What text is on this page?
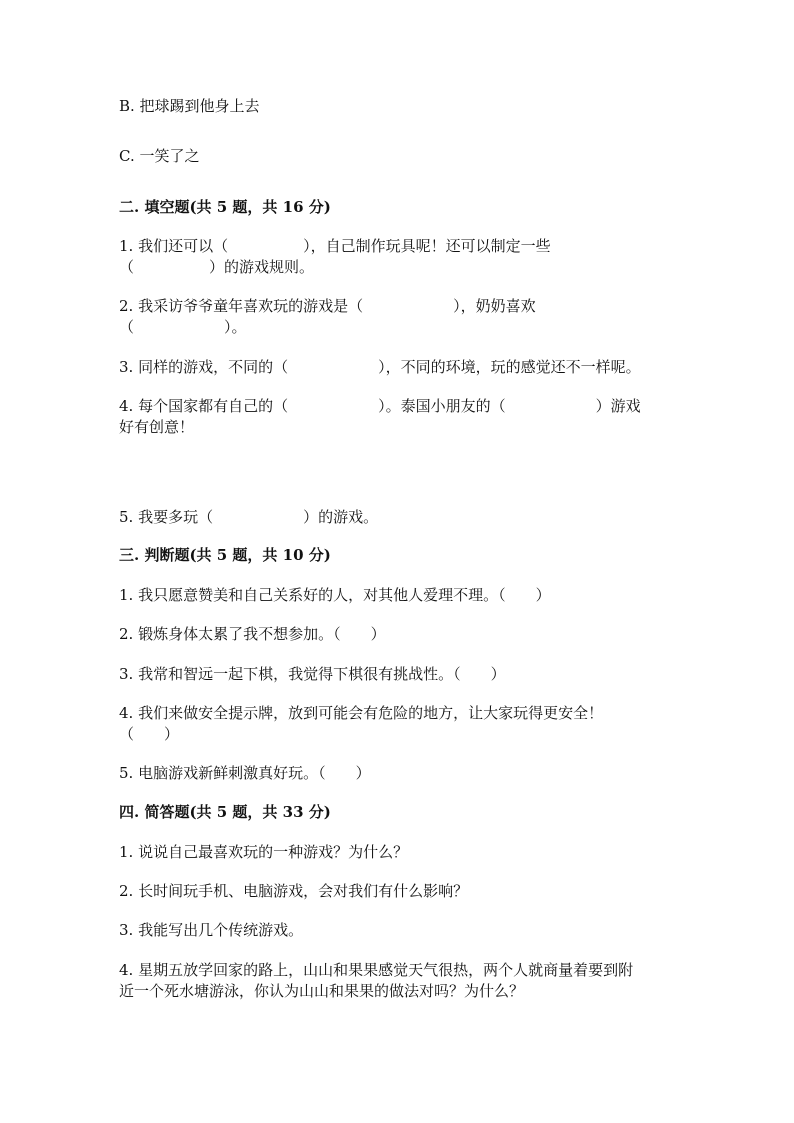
B. 把球踢到他身上去
C. 一笑了之
二. 填空题(共 5 题，共 16 分)
1. 我们还可以（　　　　　），自己制作玩具呢！还可以制定一些
（　　　　　）的游戏规则。
2. 我采访爷爷童年喜欢玩的游戏是（　　　　　　），奶奶喜欢
（　　　　　　）。
3. 同样的游戏，不同的（　　　　　　），不同的环境，玩的感觉还不一样呢。
4. 每个国家都有自己的（　　　　　　）。泰国小朋友的（　　　　　　）游戏
好有创意！
5. 我要多玩（　　　　　　）的游戏。
三. 判断题(共 5 题，共 10 分)
1. 我只愿意赞美和自己关系好的人，对其他人爱理不理。（　　）
2. 锻炼身体太累了我不想参加。（　　）
3. 我常和智远一起下棋，我觉得下棋很有挑战性。（　　）
4. 我们来做安全提示牌，放到可能会有危险的地方，让大家玩得更安全！
（　　）
5. 电脑游戏新鲜刺激真好玩。（　　）
四. 简答题(共 5 题，共 33 分)
1. 说说自己最喜欢玩的一种游戏？为什么？
2. 长时间玩手机、电脑游戏，会对我们有什么影响？
3. 我能写出几个传统游戏。
4. 星期五放学回家的路上，山山和果果感觉天气很热，两个人就商量着要到附
近一个死水塘游泳，你认为山山和果果的做法对吗？为什么？
